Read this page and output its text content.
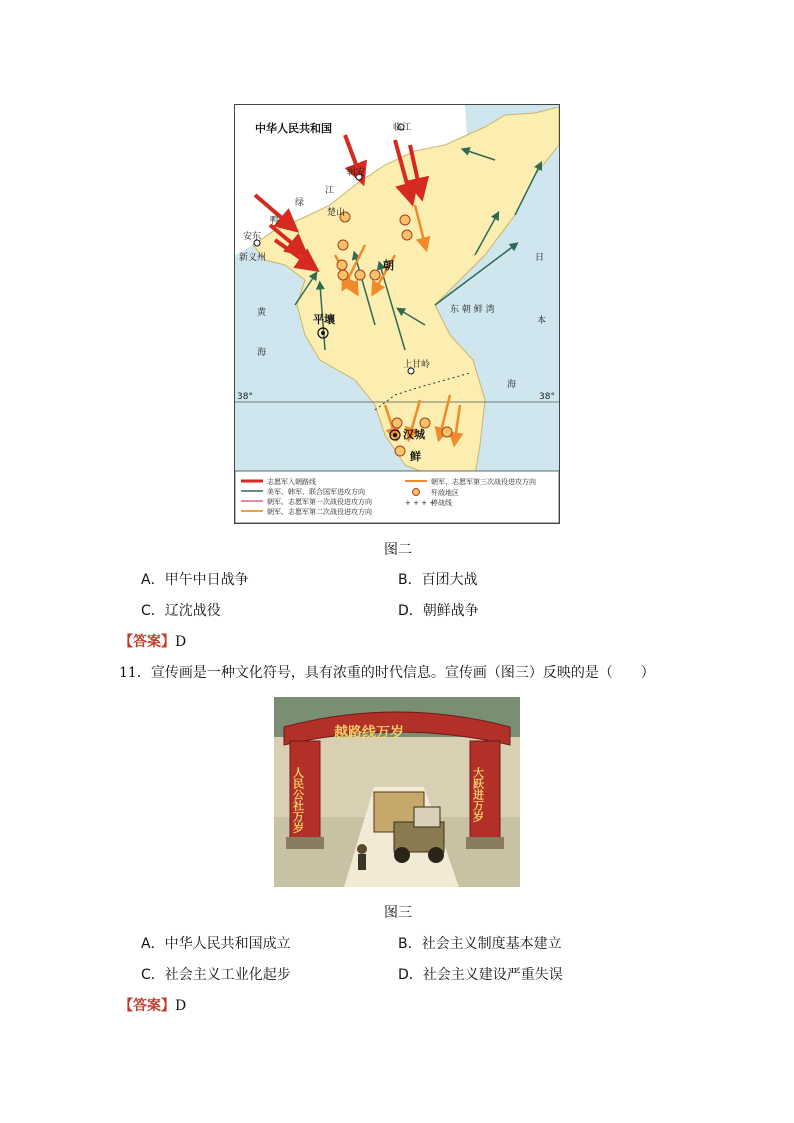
中华人民共和国	临江
辑安
楚山
鸭
绿
江
安东
新义州
朝
鲜
平壤
黄
海
东 朝 鲜 湾
日
本
海
上甘岭
38°	38°
汉城
志愿军入朝路线
美军、韩军、联合国军进攻方向
朝军、志愿军第一次战役进攻方向
朝军、志愿军第二次战役进攻方向
朝军、志愿军第三次战役进攻方向
歼敌地区
+ + + +
停战线
图二
A．甲午中日战争	B．百团大战
C．辽沈战役	D．朝鲜战争
【答案】D
11．宣传画是一种文化符号，具有浓重的时代信息。宣传画（图三）反映的是（　　）
越路线万岁
人民公社万岁	大跃进万岁
图三
A．中华人民共和国成立	B．社会主义制度基本建立
C．社会主义工业化起步	D．社会主义建设严重失误
【答案】D
